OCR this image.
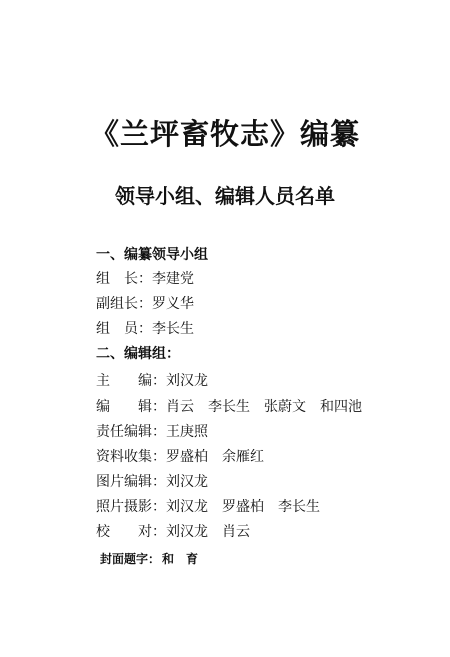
《兰坪畜牧志》编纂
领导小组、编辑人员名单
一、编纂领导小组
组　长：李建党
副组长：罗义华
组　员：李长生
二、编辑组：
主　　编：刘汉龙
编　　辑：肖云 李长生 张蔚文 和四池
责任编辑：王庚照
资料收集：罗盛柏 余雁红
图片编辑：刘汉龙
照片摄影：刘汉龙 罗盛柏 李长生
校　　对：刘汉龙 肖云
封面题字： 和 育
